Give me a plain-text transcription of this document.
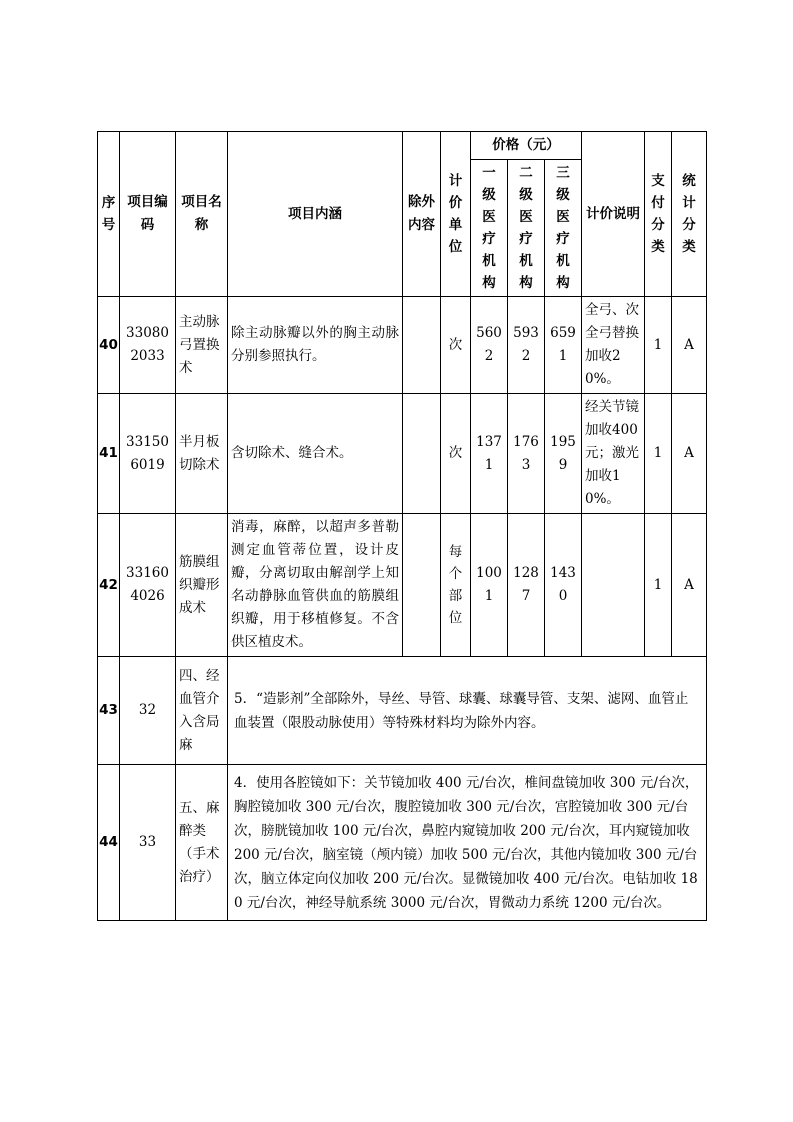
序号	项目编码	项目名称	项目内涵	除外内容	计价单位	价格（元）			计价说明	支付分类	统计分类

						一级医疗机构	二级医疗机构	三级医疗机构			

40	330802033	主动脉弓置换术	除主动脉瓣以外的胸主动脉分别参照执行。		次	5602	5932	6591	全弓、次全弓替换加收20%。	1	A
41	331506019	半月板切除术	含切除术、缝合术。		次	1371	1763	1959	经关节镜加收400元；激光加收10%。	1	A
42	331604026	筋膜组织瓣形成术	消毒，麻醉，以超声多普勒测定血管蒂位置，设计皮瓣，分离切取由解剖学上知名动静脉血管供血的筋膜组织瓣，用于移植修复。不含供区植皮术。		每个部位	1001	1287	1430		1	A
43	32	四、经血管介入含局麻	5．“造影剂”全部除外，导丝、导管、球囊、球囊导管、支架、滤网、血管止血装置（限股动脉使用）等特殊材料均为除外内容。								
44	33	五、麻醉类（手术治疗）	4．使用各腔镜如下：关节镜加收 400 元/台次，椎间盘镜加收 300 元/台次，胸腔镜加收 300 元/台次，腹腔镜加收 300 元/台次，宫腔镜加收 300 元/台次，膀胱镜加收 100 元/台次，鼻腔内窥镜加收 200 元/台次，耳内窥镜加收 200 元/台次，脑室镜（颅内镜）加收 500 元/台次，其他内镜加收 300 元/台次，脑立体定向仪加收 200 元/台次。显微镜加收 400 元/台次。电钻加收 180 元/台次，神经导航系统 3000 元/台次，胃微动力系统 1200 元/台次。								
